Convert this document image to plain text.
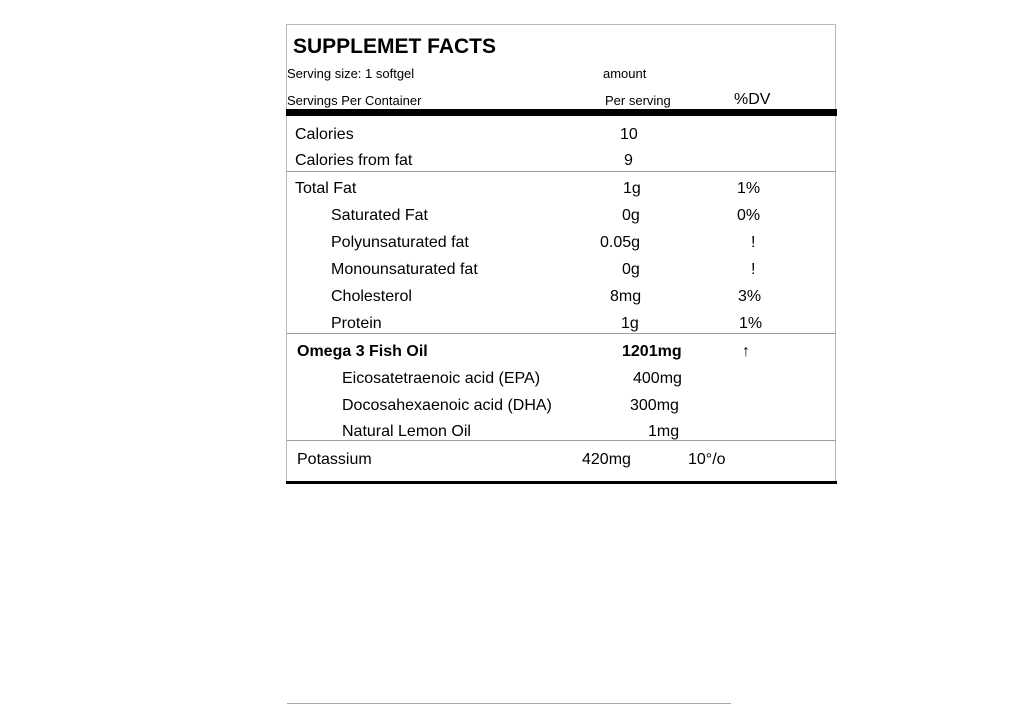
SUPPLEMET FACTS
Serving size: 1 softgel	amount
Servings Per Container	Per serving	%DV
Calories	10
Calories from fat	9
Total Fat	1g	1%
Saturated Fat	0g	0%
Polyunsaturated fat	0.05g	!
Monounsaturated fat	0g	!
Cholesterol	8mg	3%
Protein	1g	1%
Omega 3 Fish Oil	1201mg	↑
Eicosatetraenoic acid (EPA)	400mg
Docosahexaenoic acid (DHA)	300mg
Natural Lemon Oil	1mg
Potassium	420mg	10°/o
